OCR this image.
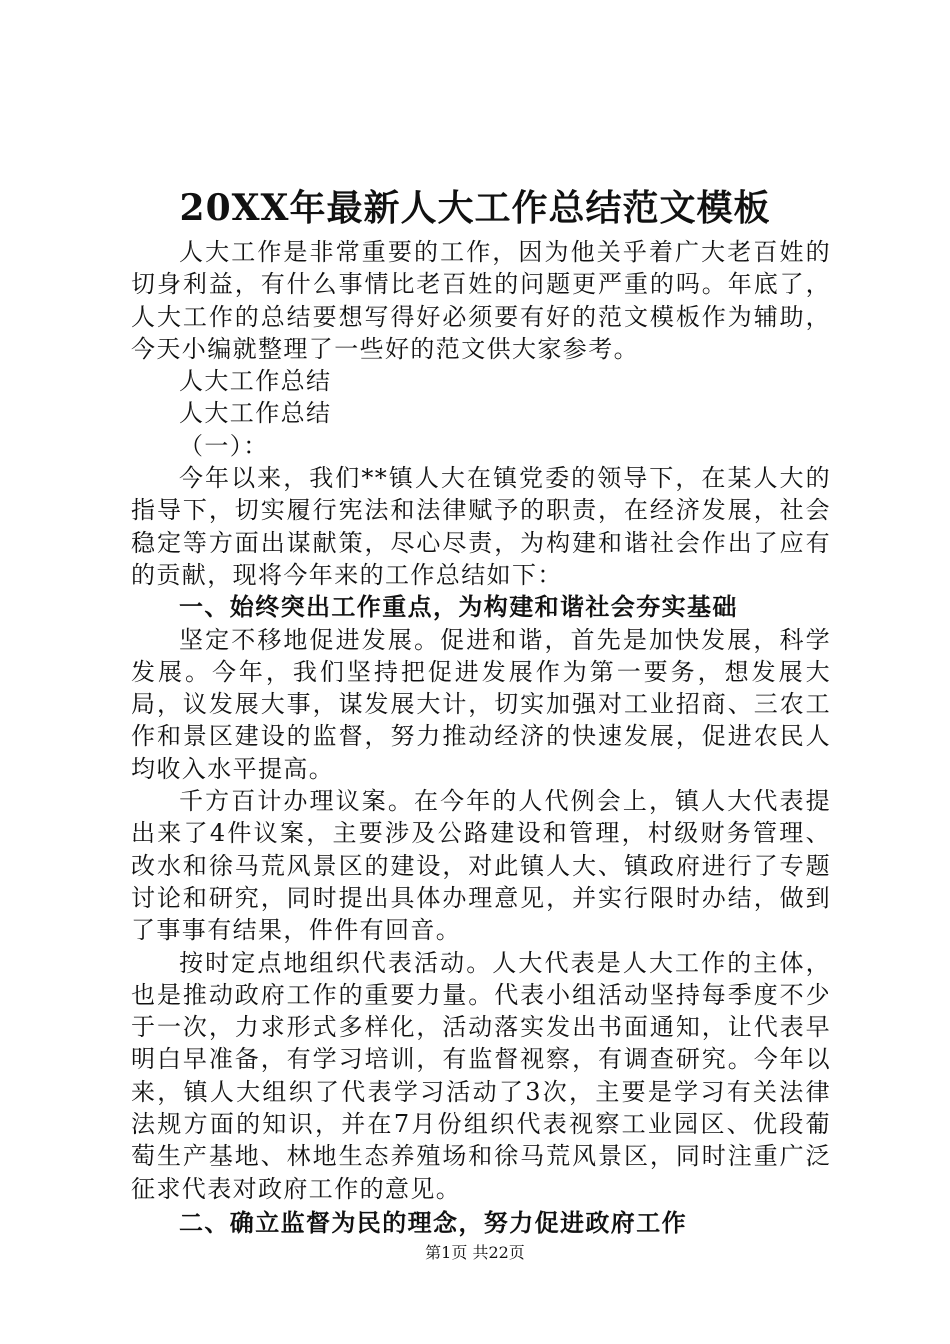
20XX年最新人大工作总结范文模板

人大工作是非常重要的工作，因为他关乎着广大老百姓的切身利益，有什么事情比老百姓的问题更严重的吗。年底了，人大工作的总结要想写得好必须要有好的范文模板作为辅助，今天小编就整理了一些好的范文供大家参考。

人大工作总结

人大工作总结

（一）：

今年以来，我们**镇人大在镇党委的领导下，在某人大的指导下，切实履行宪法和法律赋予的职责，在经济发展，社会稳定等方面出谋献策，尽心尽责，为构建和谐社会作出了应有的贡献，现将今年来的工作总结如下：

一、始终突出工作重点，为构建和谐社会夯实基础

坚定不移地促进发展。促进和谐，首先是加快发展，科学发展。今年，我们坚持把促进发展作为第一要务，想发展大局，议发展大事，谋发展大计，切实加强对工业招商、三农工作和景区建设的监督，努力推动经济的快速发展，促进农民人均收入水平提高。

千方百计办理议案。在今年的人代例会上，镇人大代表提出来了4件议案，主要涉及公路建设和管理，村级财务管理、改水和徐马荒风景区的建设，对此镇人大、镇政府进行了专题讨论和研究，同时提出具体办理意见，并实行限时办结，做到了事事有结果，件件有回音。

按时定点地组织代表活动。人大代表是人大工作的主体，也是推动政府工作的重要力量。代表小组活动坚持每季度不少于一次，力求形式多样化，活动落实发出书面通知，让代表早明白早准备，有学习培训，有监督视察，有调查研究。今年以来，镇人大组织了代表学习活动了3次，主要是学习有关法律法规方面的知识，并在7月份组织代表视察工业园区、优段葡萄生产基地、林地生态养殖场和徐马荒风景区，同时注重广泛征求代表对政府工作的意见。

二、确立监督为民的理念，努力促进政府工作

第1页 共22页
